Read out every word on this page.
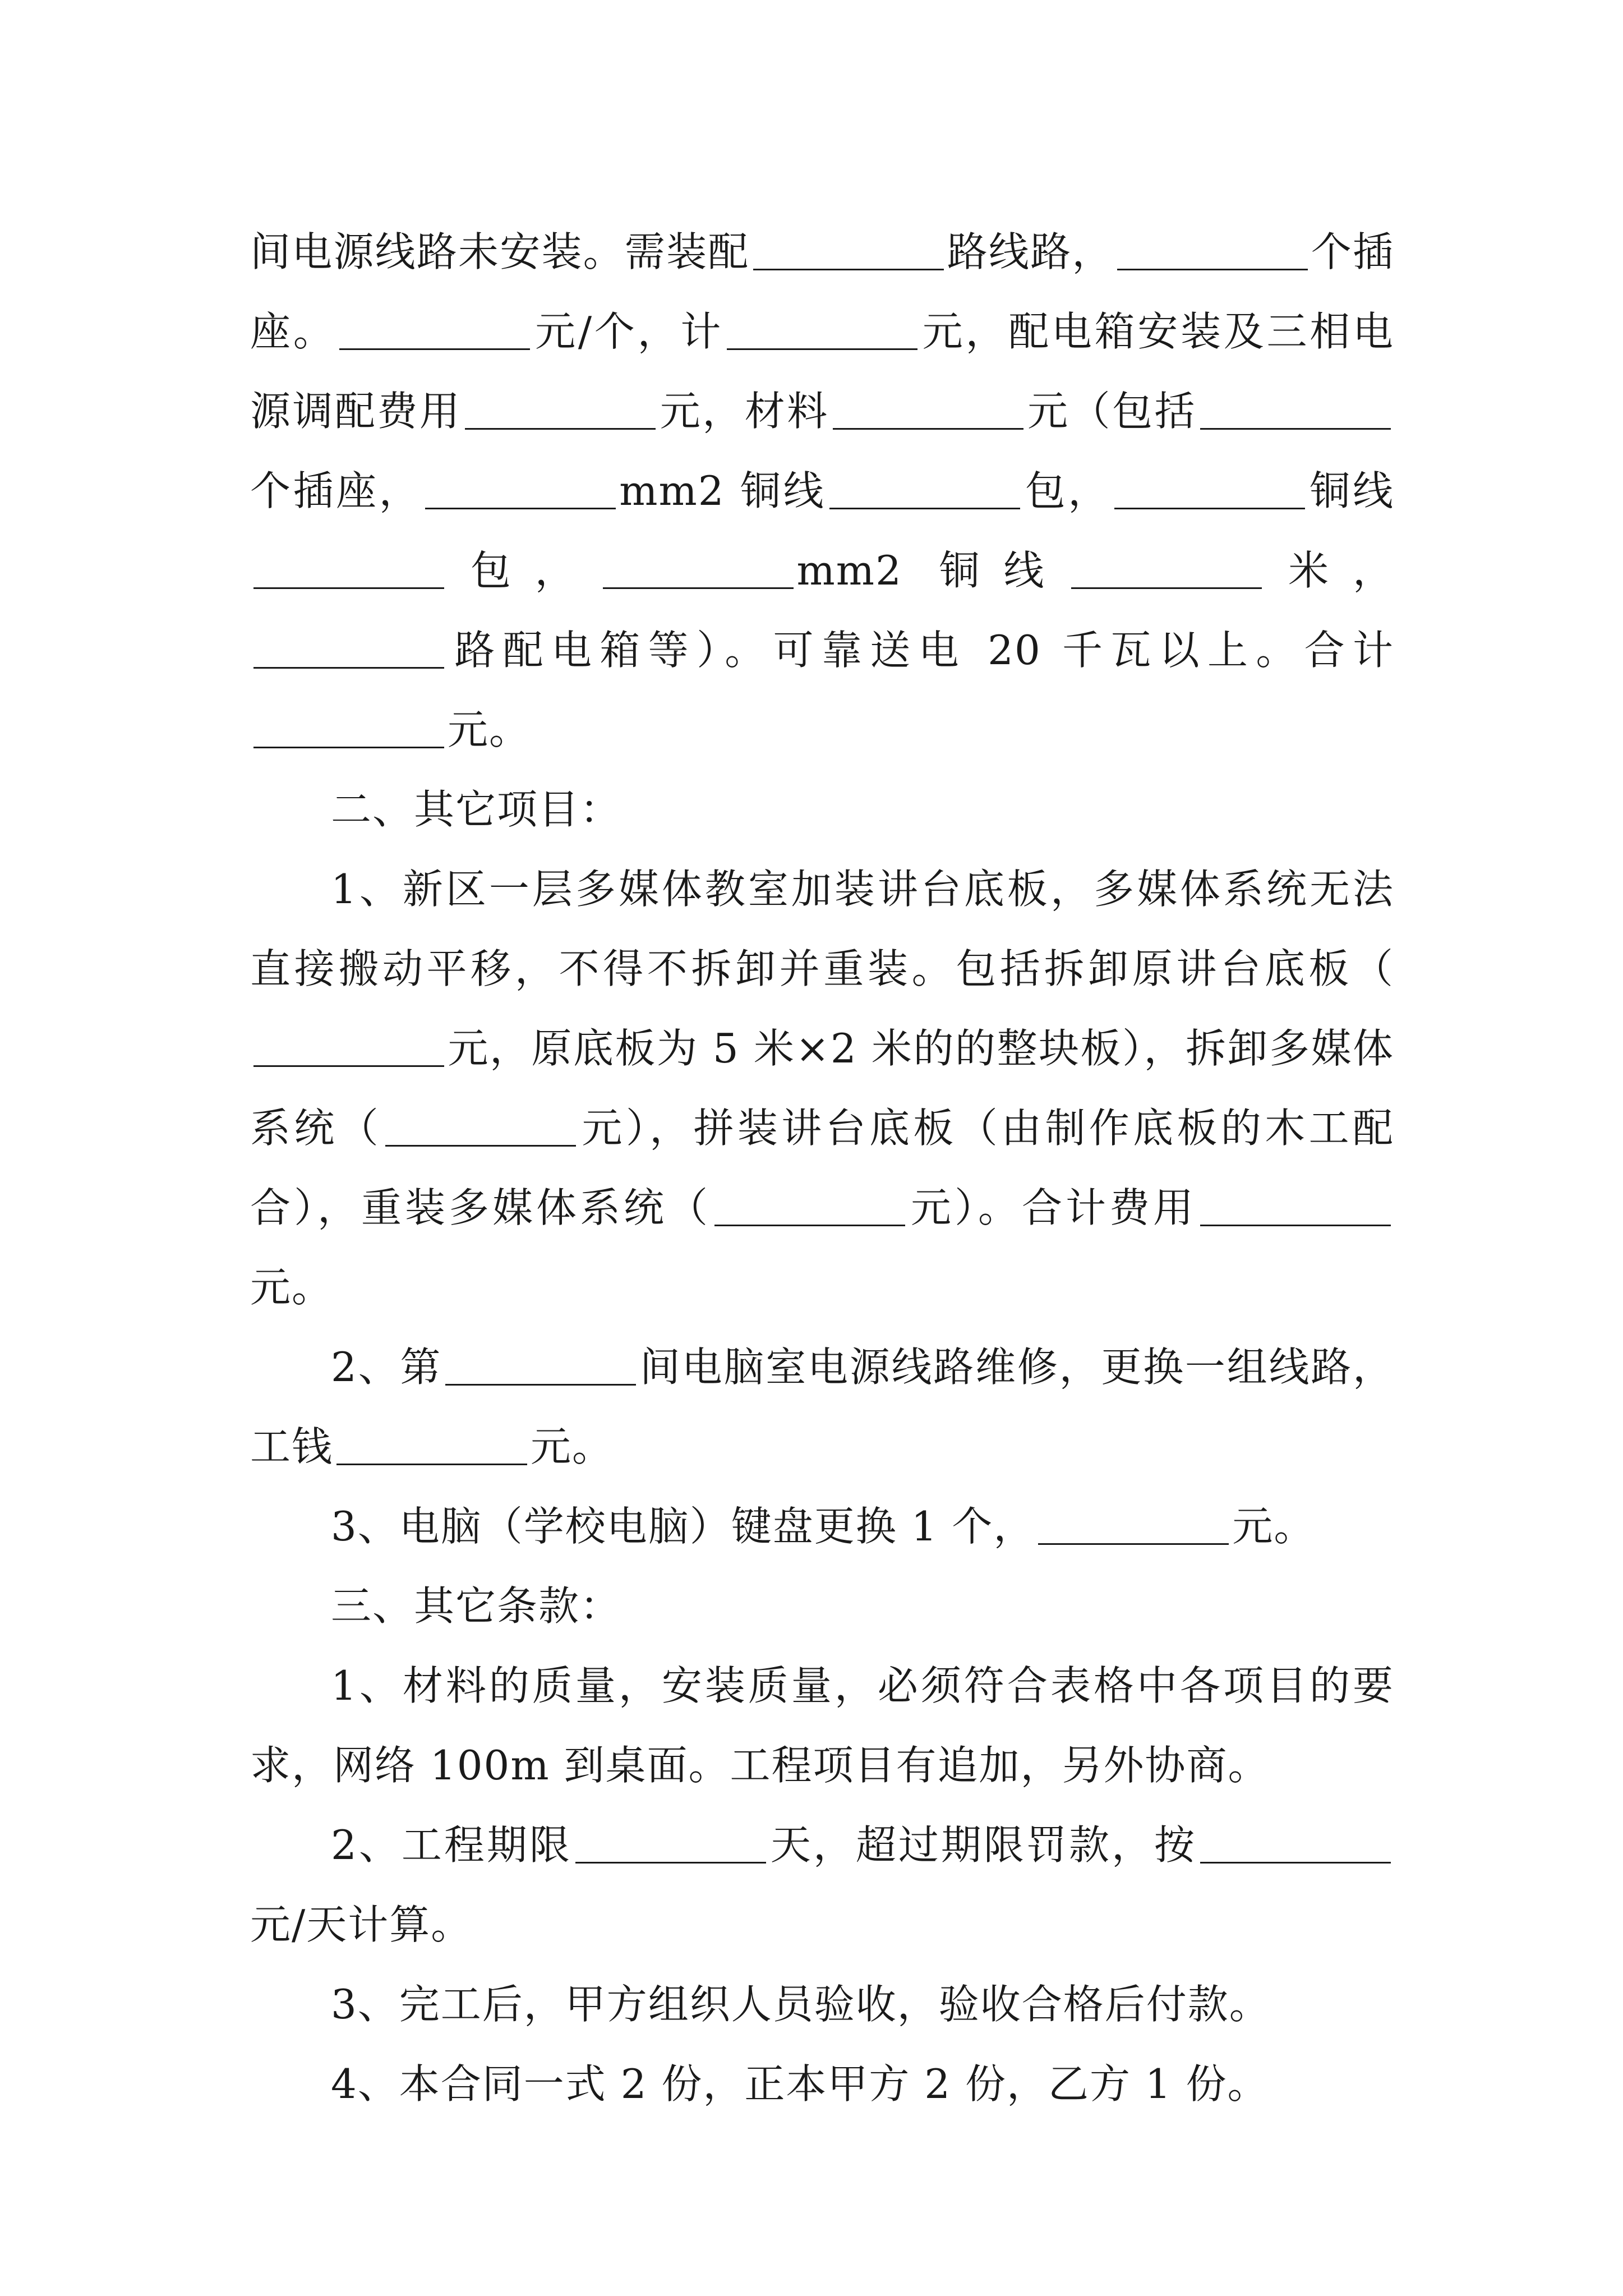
间电源线路未安装。需装配	路线路，	个插座。	元/个，计	元，配电箱安装及三相电源调配费用	元，材料	元（包括个插座，	mm2 铜线	包，	铜线包，	mm2 铜线	米，路配电箱等）。可靠送电 20 千瓦以上。合计元。

二、其它项目：

1、新区一层多媒体教室加装讲台底板，多媒体系统无法直接搬动平移，不得不拆卸并重装。包括拆卸原讲台底板（元，原底板为 5 米×2 米的的整块板），拆卸多媒体系统（	元），拼装讲台底板（由制作底板的木工配合），重装多媒体系统（	元）。合计费用元。

2、第	间电脑室电源线路维修，更换一组线路，工钱	元。

3、电脑（学校电脑）键盘更换 1 个，	元。

三、其它条款：

1、材料的质量，安装质量，必须符合表格中各项目的要求，网络 100m 到桌面。工程项目有追加，另外协商。

2、工程期限	天，超过期限罚款，按元/天计算。

3、完工后，甲方组织人员验收，验收合格后付款。

4、本合同一式 2 份，正本甲方 2 份，乙方 1 份。
